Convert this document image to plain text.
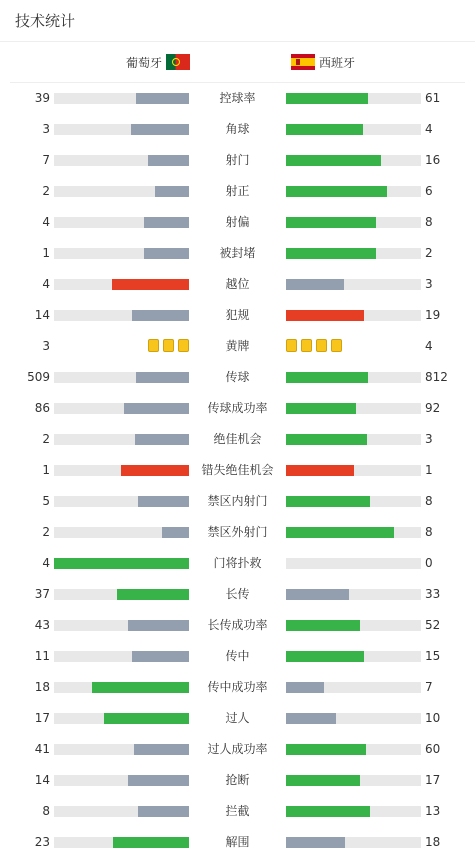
技术统计
葡萄牙	西班牙
39	控球率	61
3	角球	4
7	射门	16
2	射正	6
4	射偏	8
1	被封堵	2
4	越位	3
14	犯规	19
3	黄牌	4
509	传球	812
86	传球成功率	92
2	绝佳机会	3
1	错失绝佳机会	1
5	禁区内射门	8
2	禁区外射门	8
4	门将扑救	0
37	长传	33
43	长传成功率	52
11	传中	15
18	传中成功率	7
17	过人	10
41	过人成功率	60
14	抢断	17
8	拦截	13
23	解围	18
